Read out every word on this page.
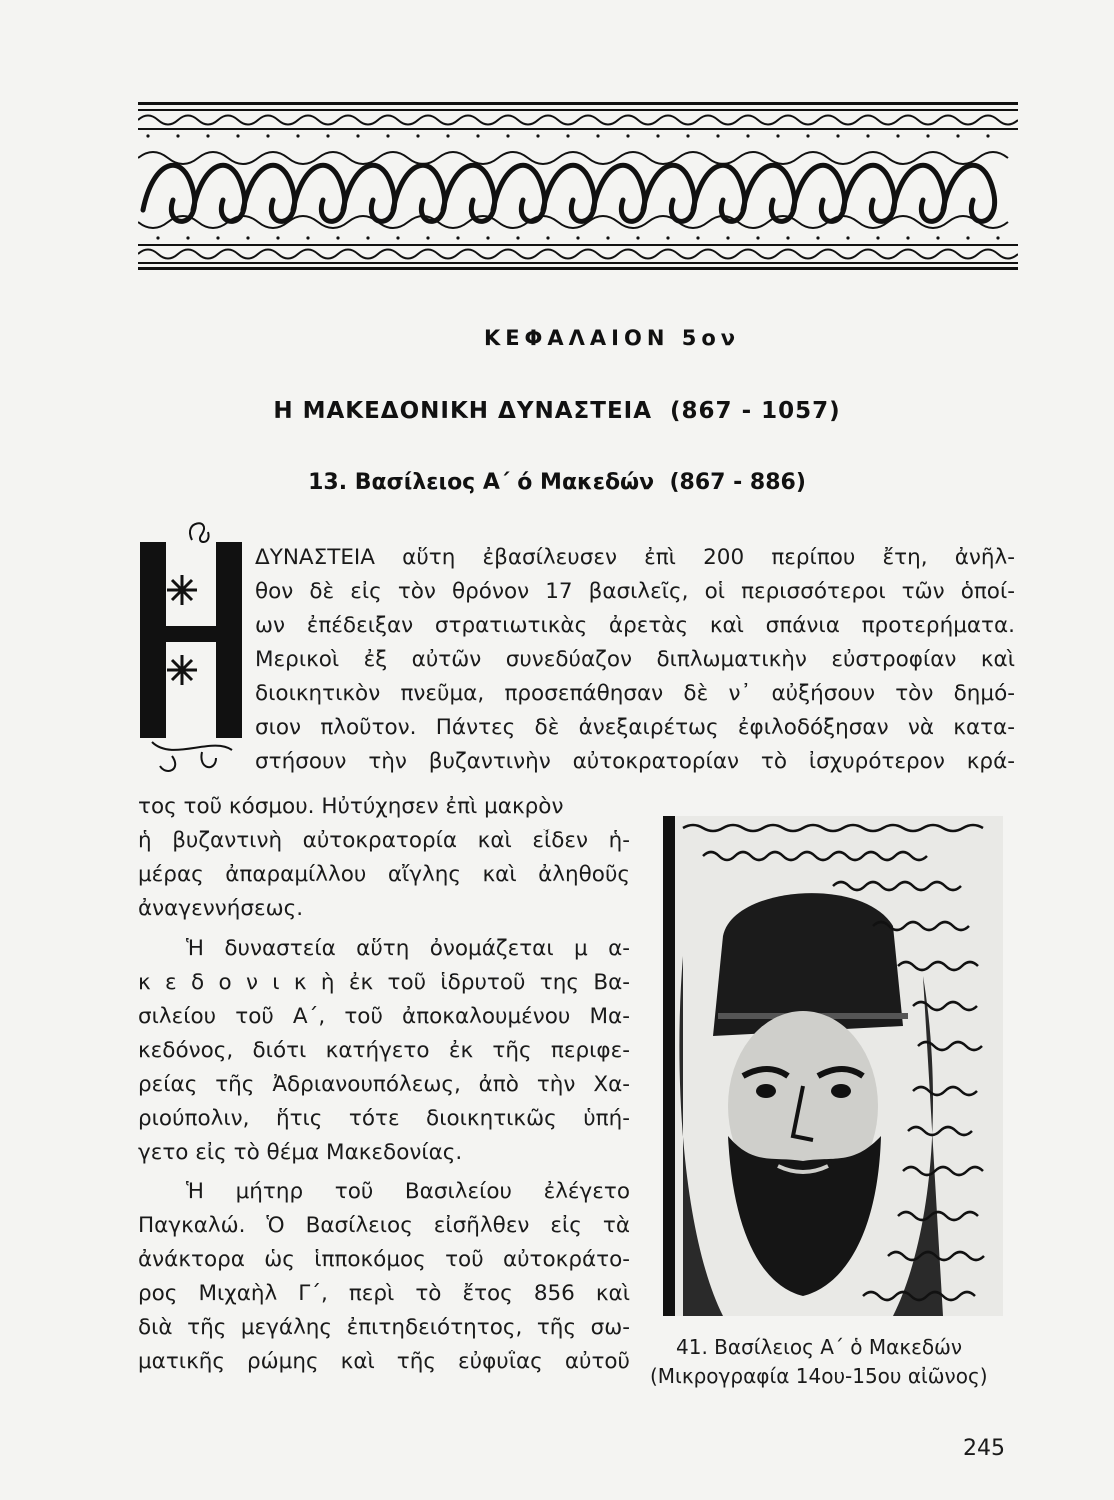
ΚΕΦΑΛΑΙΟΝ 5ον
Η ΜΑΚΕΔΟΝΙΚΗ ΔΥΝΑΣΤΕΙΑ  (867 - 1057)
13. Βασίλειος Α΄ ό Μακεδών  (867 - 886)
ΔΥΝΑΣΤΕΙΑ αὕτη ἐβασίλευσεν ἐπὶ 200 περίπου ἔτη, ἀνῆλ-
θον δὲ εἰς τὸν θρόνον 17 βασιλεῖς, οἱ περισσότεροι τῶν ὁποί-
ων ἐπέδειξαν στρατιωτικὰς ἀρετὰς καὶ σπάνια προτερήματα.
Μερικοὶ ἐξ αὐτῶν συνεδύαζον διπλωματικὴν εὐστροφίαν καὶ
διοικητικὸν πνεῦμα, προσεπάθησαν δὲ ν᾽ αὐξήσουν τὸν δημό-
σιον πλοῦτον. Πάντες δὲ ἀνεξαιρέτως ἐφιλοδόξησαν νὰ κατα-
στήσουν τὴν βυζαντινὴν αὐτοκρατορίαν τὸ ἰσχυρότερον κρά-
τος τοῦ κόσμου. Ηὐτύχησεν ἐπὶ μακρὸν
ἡ βυζαντινὴ αὐτοκρατορία καὶ εἶδεν ἡ-
μέρας ἀπαραμίλλου αἴγλης καὶ ἀληθοῦς
ἀναγεννήσεως.
Ἡ δυναστεία αὕτη ὀνομάζεται μ α-
κ ε δ ο ν ι κ ὴ ἐκ τοῦ ἱδρυτοῦ της Βα-
σιλείου τοῦ Α΄, τοῦ ἀποκαλουμένου Μα-
κεδόνος, διότι κατήγετο ἐκ τῆς περιφε-
ρείας τῆς Ἀδριανουπόλεως, ἀπὸ τὴν Χα-
ριούπολιν, ἥτις τότε διοικητικῶς ὑπή-
γετο εἰς τὸ θέμα Μακεδονίας.
Ἡ μήτηρ τοῦ Βασιλείου ἐλέγετο
Παγκαλώ. Ὁ Βασίλειος εἰσῆλθεν εἰς τὰ
ἀνάκτορα ὡς ἱπποκόμος τοῦ αὐτοκράτο-
ρος Μιχαὴλ Γ΄, περὶ τὸ ἔτος 856 καὶ
διὰ τῆς μεγάλης ἐπιτηδειότητος, τῆς σω-
ματικῆς ρώμης καὶ τῆς εὐφυΐας αὐτοῦ
41. Βασίλειος Α΄ ὁ Μακεδών
(Μικρογραφία 14ου-15ου αἰῶνος)
245
